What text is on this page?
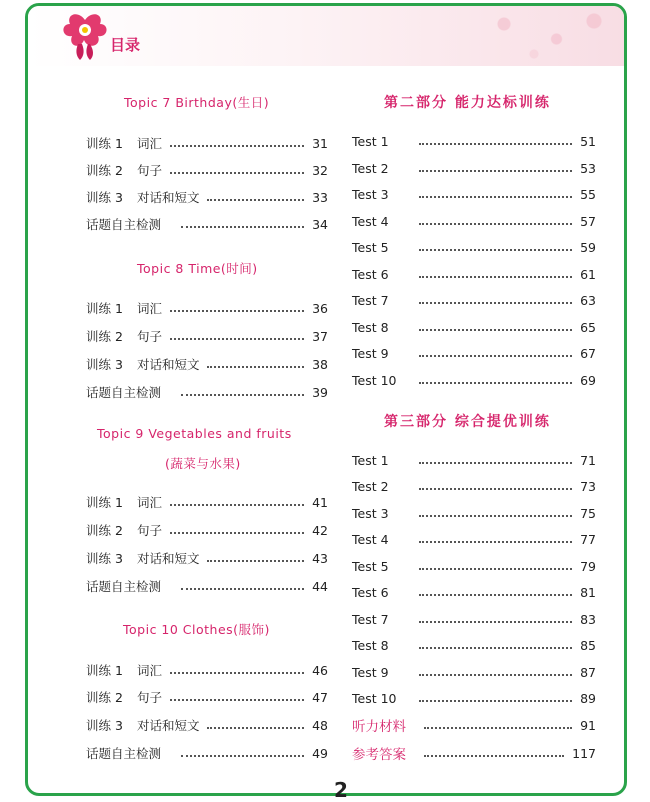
目录
Topic 7 Birthday(生日)
训练 1 词汇	31
训练 2 句子	32
训练 3 对话和短文	33
话题自主检测	34
Topic 8 Time(时间)
训练 1 词汇	36
训练 2 句子	37
训练 3 对话和短文	38
话题自主检测	39
Topic 9 Vegetables and fruits
(蔬菜与水果)
训练 1 词汇	41
训练 2 句子	42
训练 3 对话和短文	43
话题自主检测	44
Topic 10 Clothes(服饰)
训练 1 词汇	46
训练 2 句子	47
训练 3 对话和短文	48
话题自主检测	49
第二部分 能力达标训练
Test 1	51
Test 2	53
Test 3	55
Test 4	57
Test 5	59
Test 6	61
Test 7	63
Test 8	65
Test 9	67
Test 10	69
第三部分 综合提优训练
Test 1	71
Test 2	73
Test 3	75
Test 4	77
Test 5	79
Test 6	81
Test 7	83
Test 8	85
Test 9	87
Test 10	89
听力材料	91
参考答案	117
2
